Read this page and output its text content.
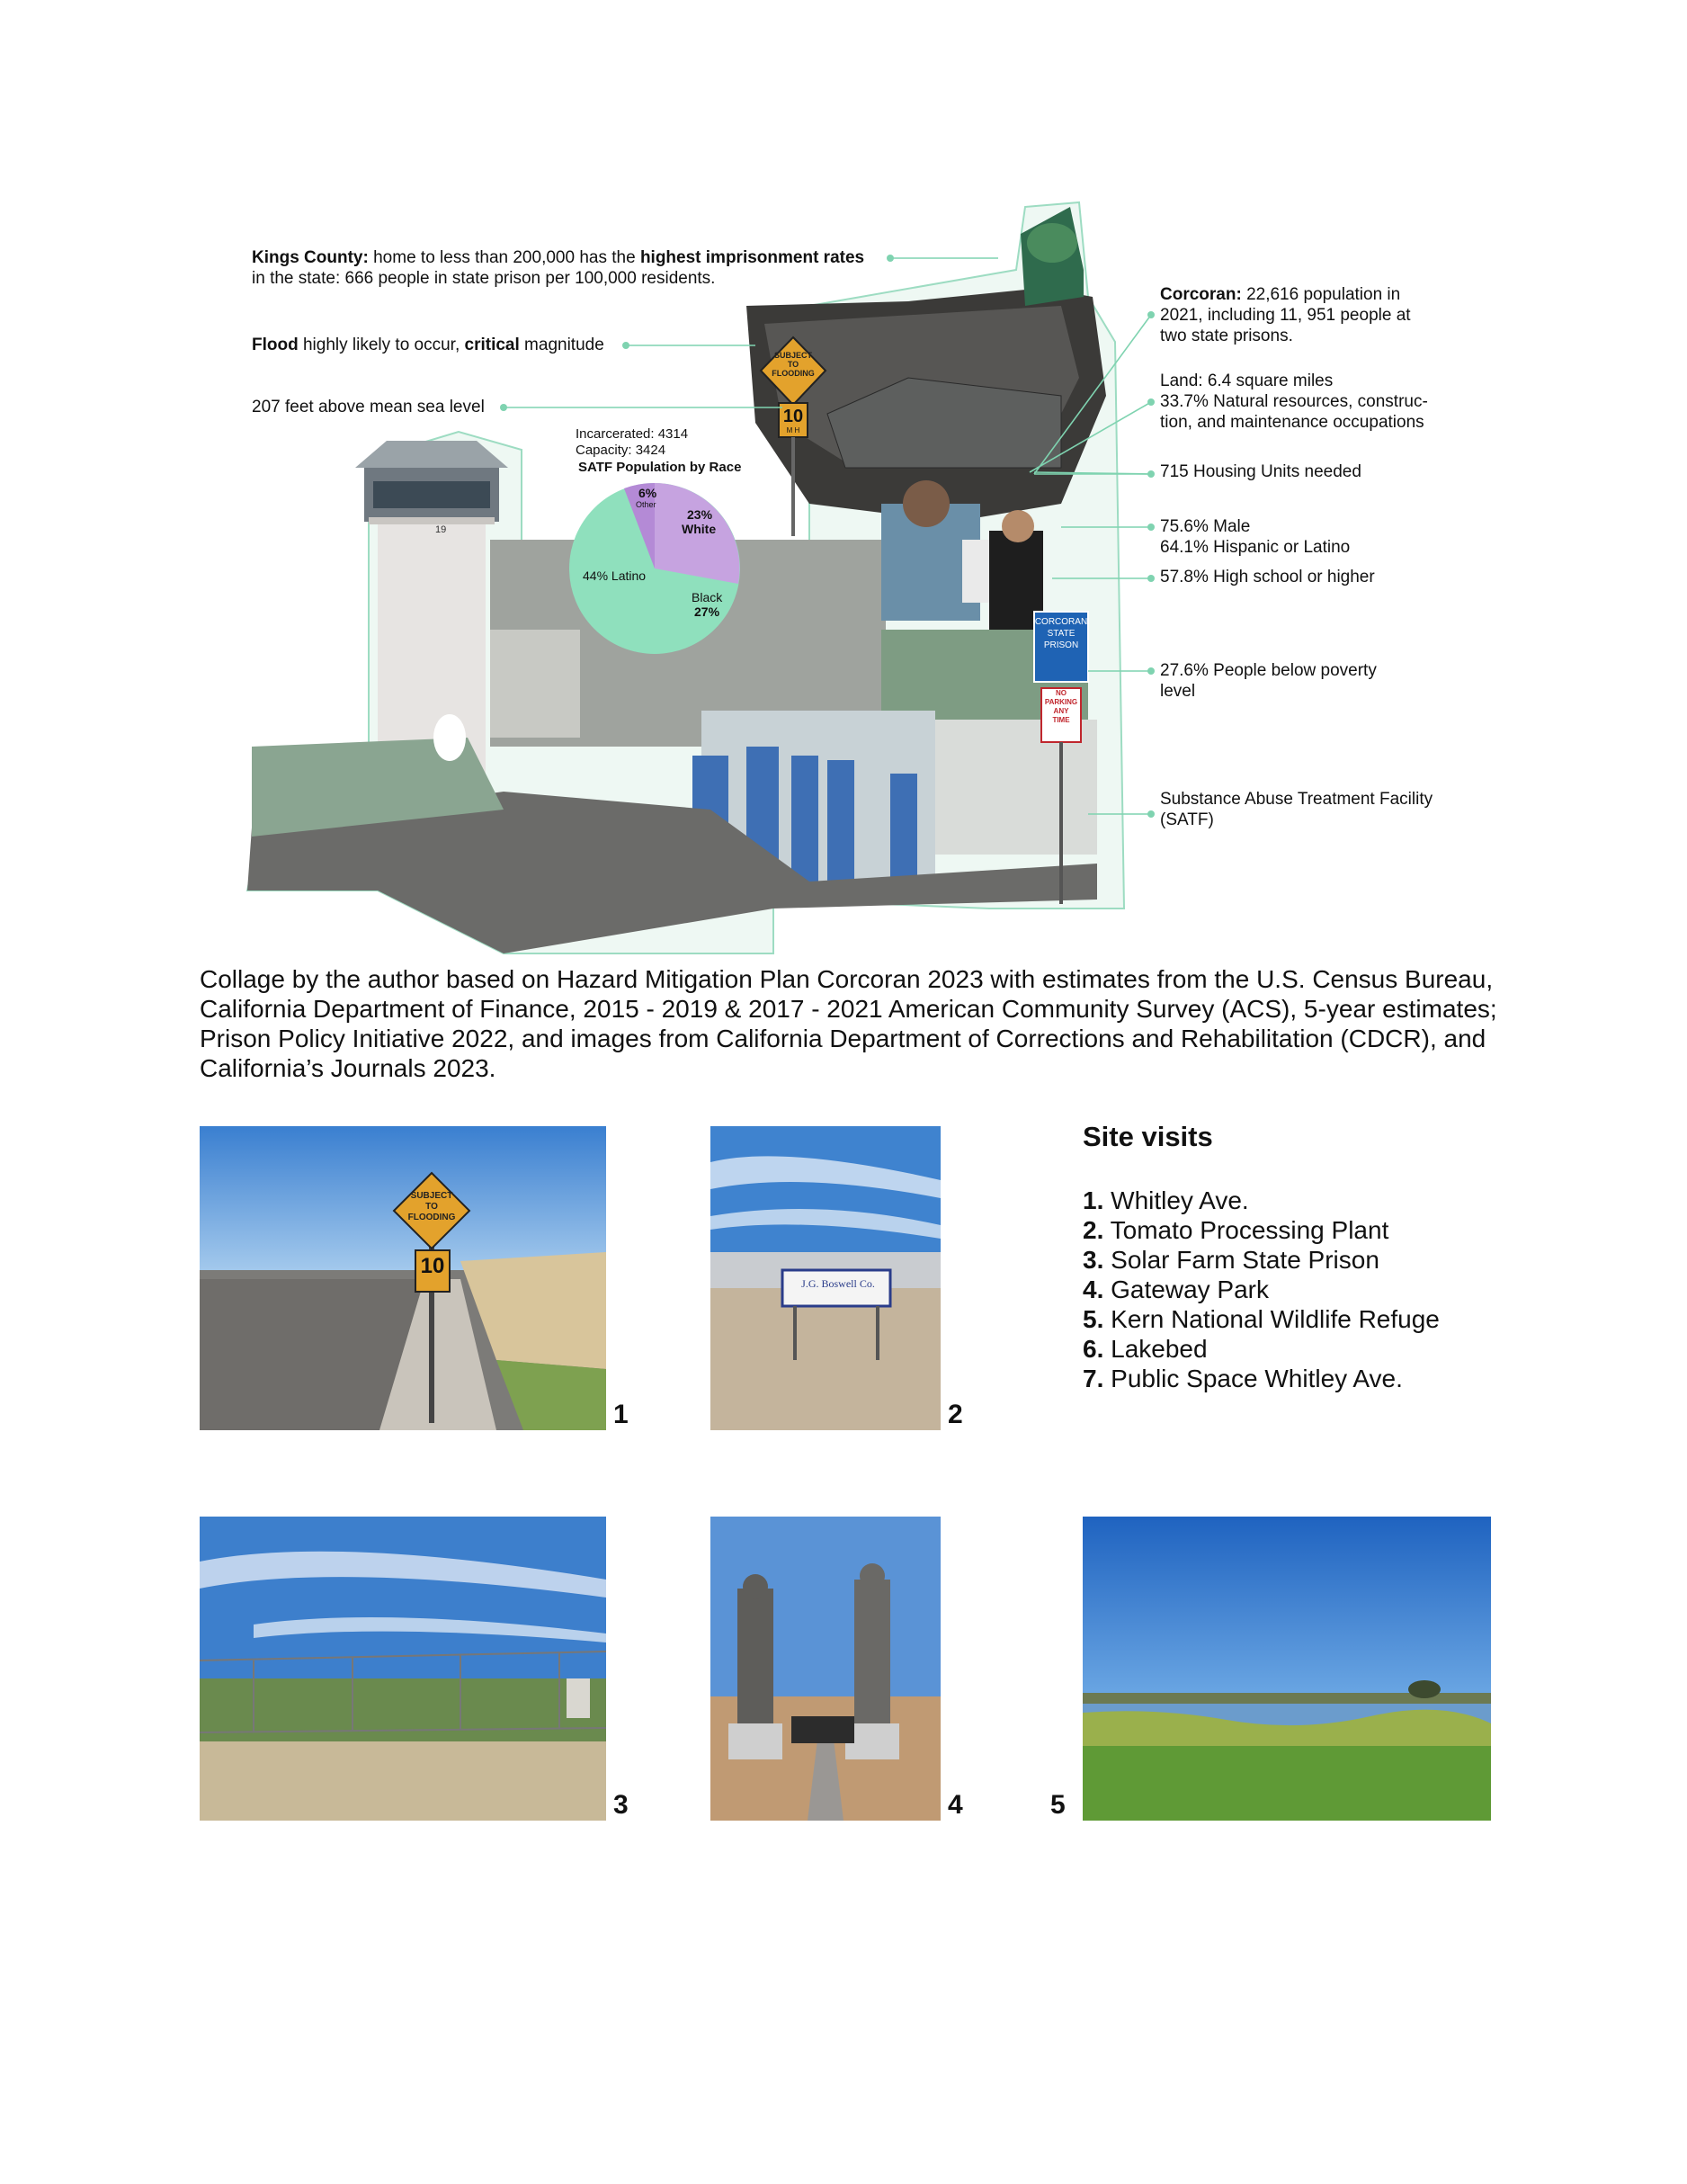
Incarcerated: 4314
Capacity: 3424
SATF Population by Race
6%
Other
23%
White
44% Latino
Black
27%
SUBJECT
TO
FLOODING
10
M H
19
CORCORAN
STATE
PRISON
NO
PARKING
ANY
TIME
Kings County: home to less than 200,000 has the highest imprisonment rates
in the state: 666 people in state prison per 100,000 residents.
Flood highly likely to occur, critical magnitude
207 feet above mean sea level
Corcoran: 22,616 population in
2021, including 11, 951 people at
two state prisons.
Land: 6.4 square miles
33.7% Natural resources, construc-
tion, and maintenance occupations
715 Housing Units needed
75.6% Male
64.1% Hispanic or Latino
57.8% High school or higher
27.6% People below poverty
level
Substance Abuse Treatment Facility
(SATF)
Collage by the author based on Hazard Mitigation Plan Corcoran 2023 with estimates from the U.S. Census Bureau,
California Department of Finance, 2015 - 2019 & 2017 - 2021 American Community Survey (ACS), 5-year estimates;
Prison Policy Initiative 2022, and images from California Department of Corrections and Rehabilitation (CDCR), and
California’s Journals 2023.
SUBJECT
TO
FLOODING
10
1
J.G. Boswell Co.
2
Site visits
1. Whitley Ave.
2. Tomato Processing Plant
3. Solar Farm State Prison
4. Gateway Park
5. Kern National Wildlife Refuge
6. Lakebed
7. Public Space Whitley Ave.
3	4	5
